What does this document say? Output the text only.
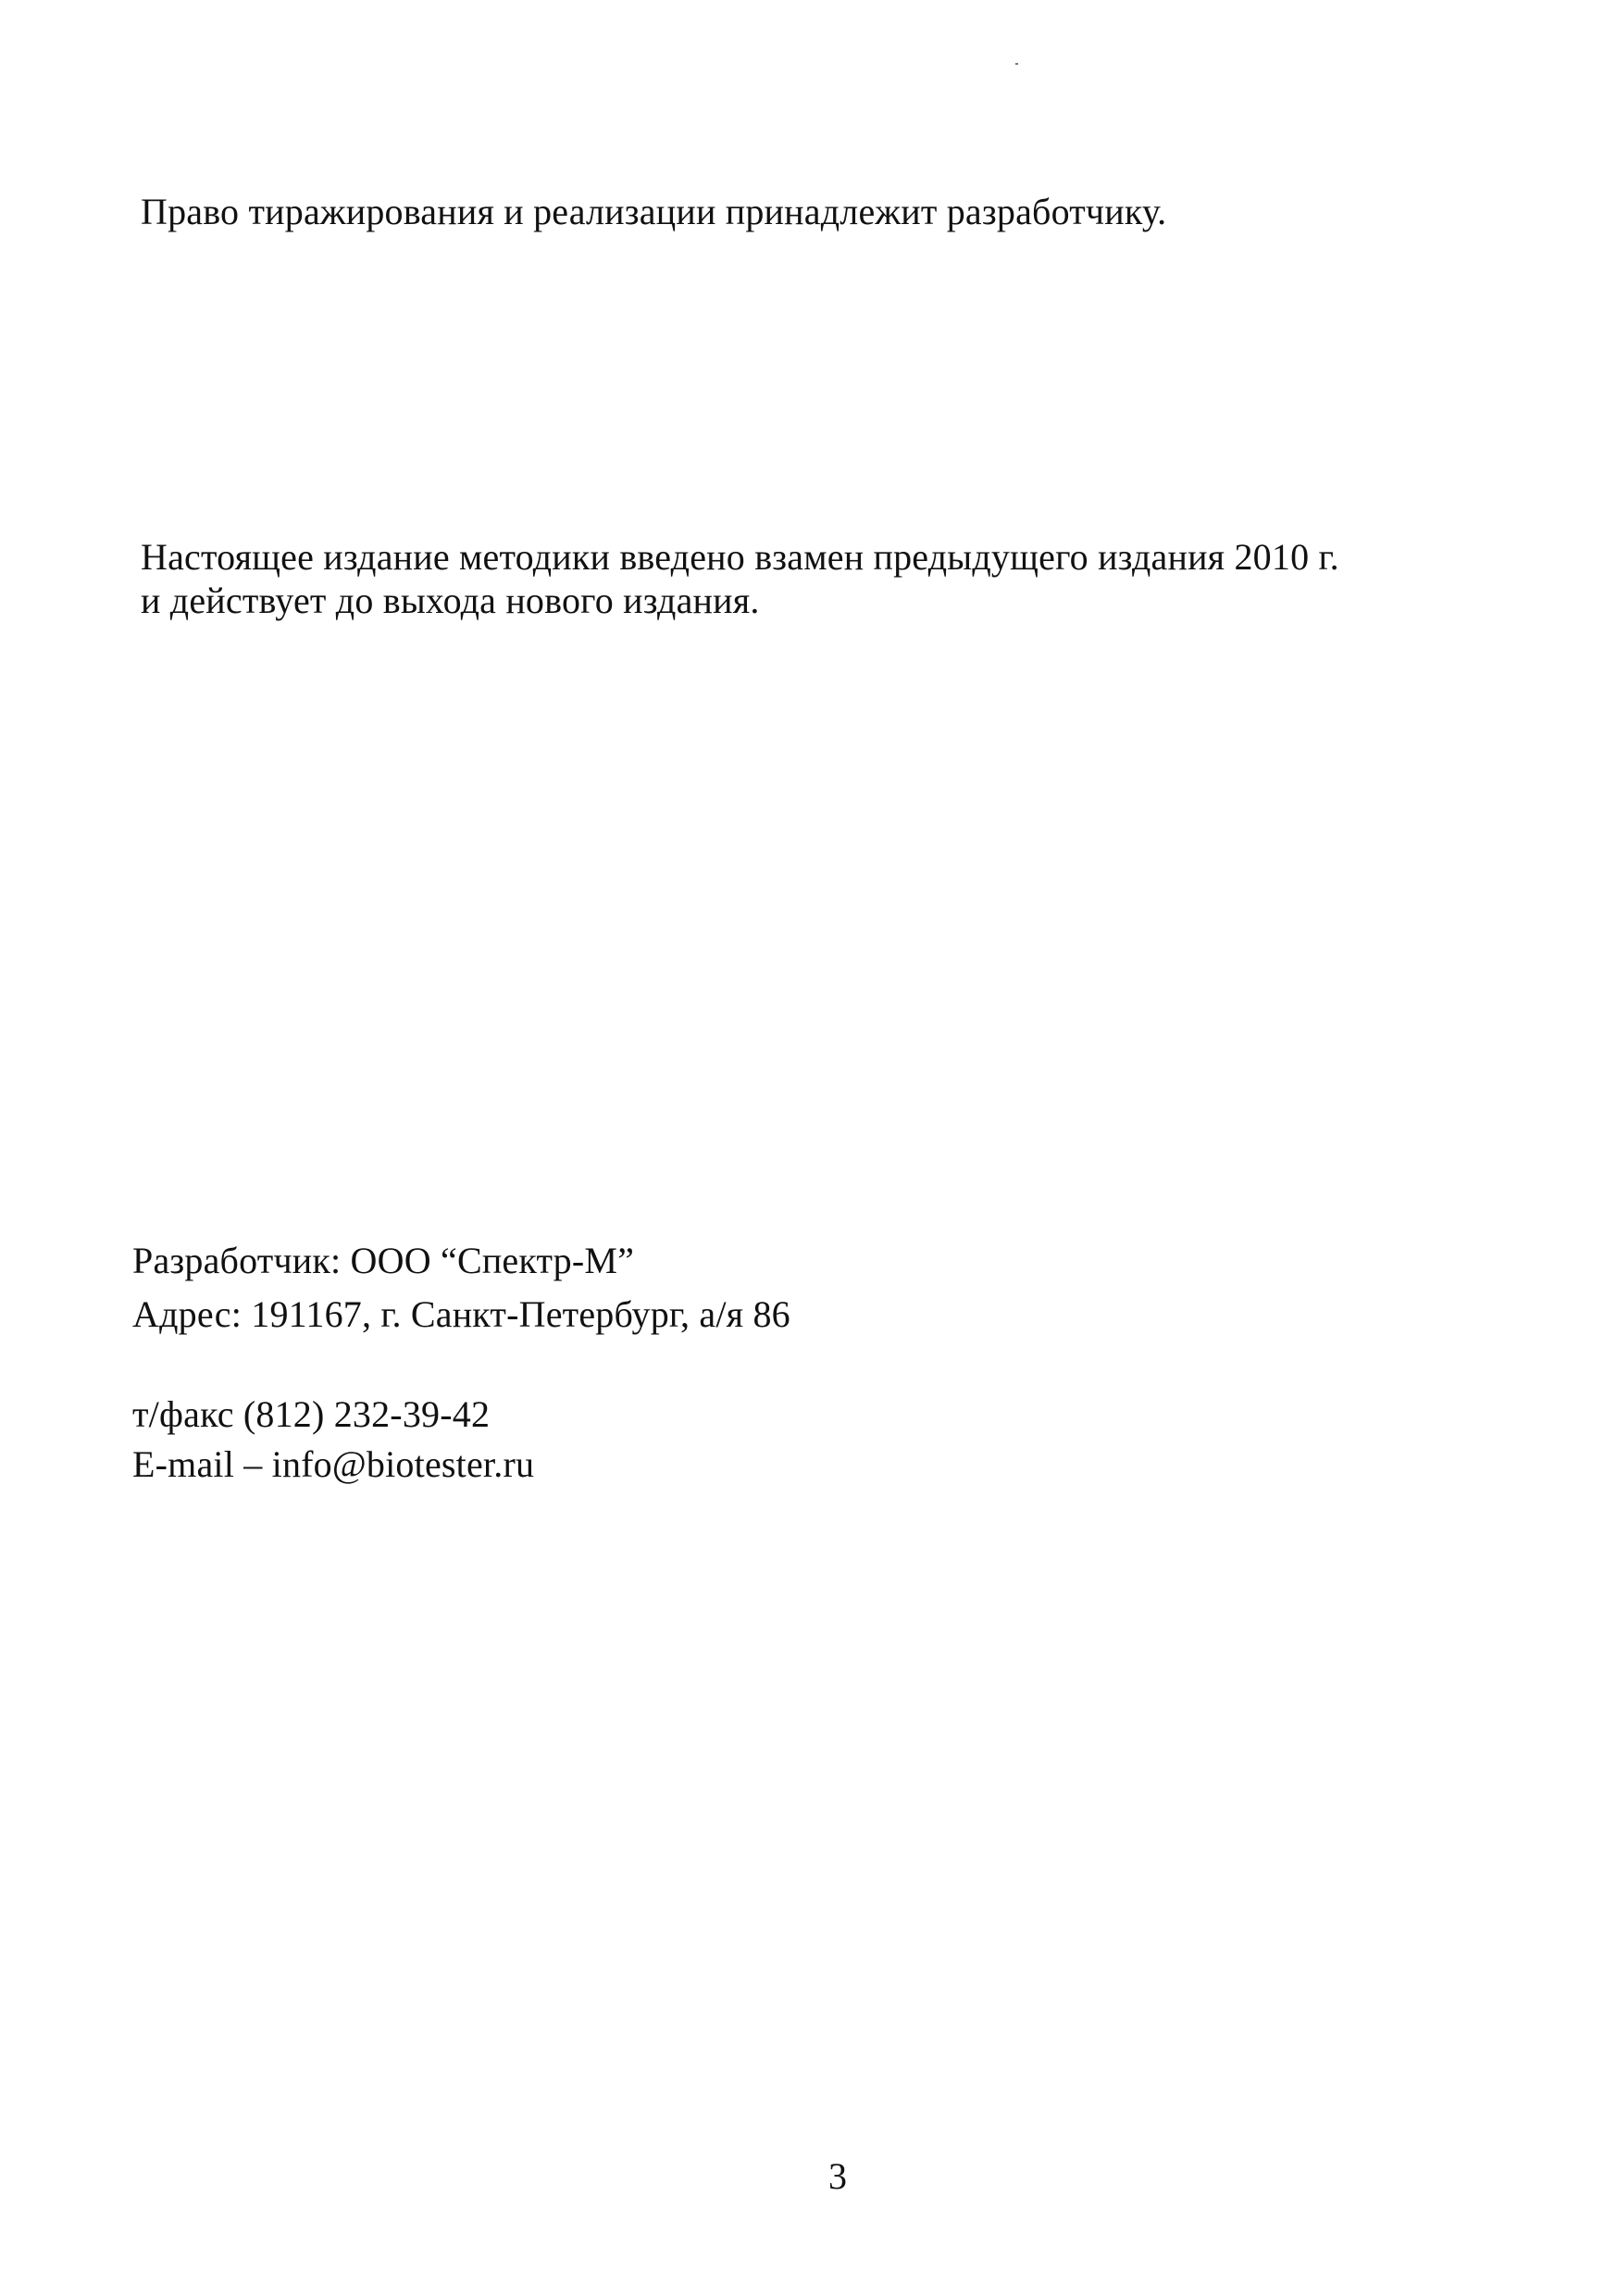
Право тиражирования и реализации принадлежит разработчику.
Настоящее издание методики введено взамен предыдущего издания 2010 г.
и действует до выхода нового издания.
Разработчик: ООО “Спектр-М”
Адрес: 191167, г. Санкт-Петербург, а/я 86
т/факс (812) 232-39-42
E-mail – info@biotester.ru
3
